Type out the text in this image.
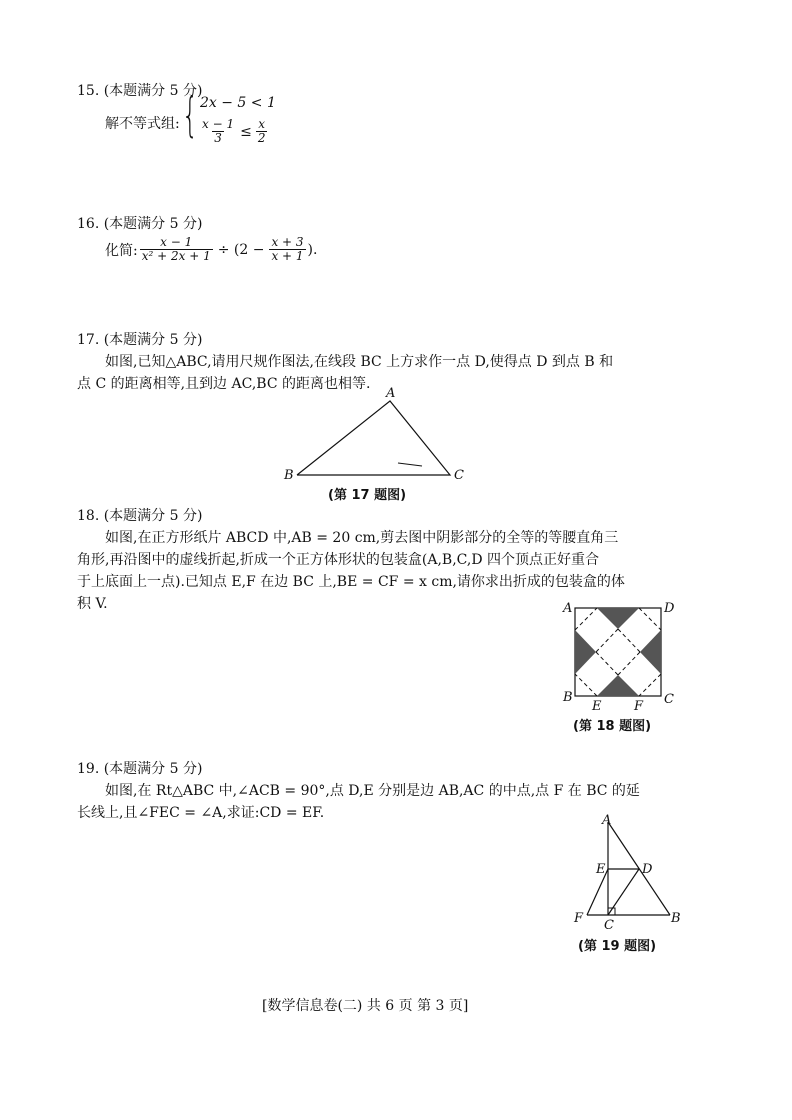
15. (本题满分 5 分)
解不等式组: { 2x − 5 < 1
$\frac{x - 1}{3} \le \frac{x}{2}$
16. (本题满分 5 分)
化简: $\frac{x - 1}{\text{x² + 2x + 1}} \div (2 - \frac{x + 3}{x + 1}$ ).
17. (本题满分 5 分)
如图,已知△ABC,请用尺规作图法,在线段 BC 上方求作一点 D,使得点 D 到点 B 和
点 C 的距离相等,且到边 AC,BC 的距离也相等.
A
B	C
(第 17 题图)
18. (本题满分 5 分)
如图,在正方形纸片 ABCD 中,AB = 20 cm,剪去图中阴影部分的全等的等腰直角三
角形,再沿图中的虚线折起,折成一个正方体形状的包装盒(A,B,C,D 四个顶点正好重合
于上底面上一点).已知点 E,F 在边 BC 上,BE = CF = x cm,请你求出折成的包装盒的体
积 V.	A	D
B	C
E	F
(第 18 题图)
19. (本题满分 5 分)
如图,在 Rt△ABC 中,∠ACB = 90°,点 D,E 分别是边 AB,AC 的中点,点 F 在 BC 的延
长线上,且∠FEC = ∠A,求证:CD = EF.	A
E	D
F C	B
(第 19 题图)
[数学信息卷(二) 共 6 页 第 3 页]
